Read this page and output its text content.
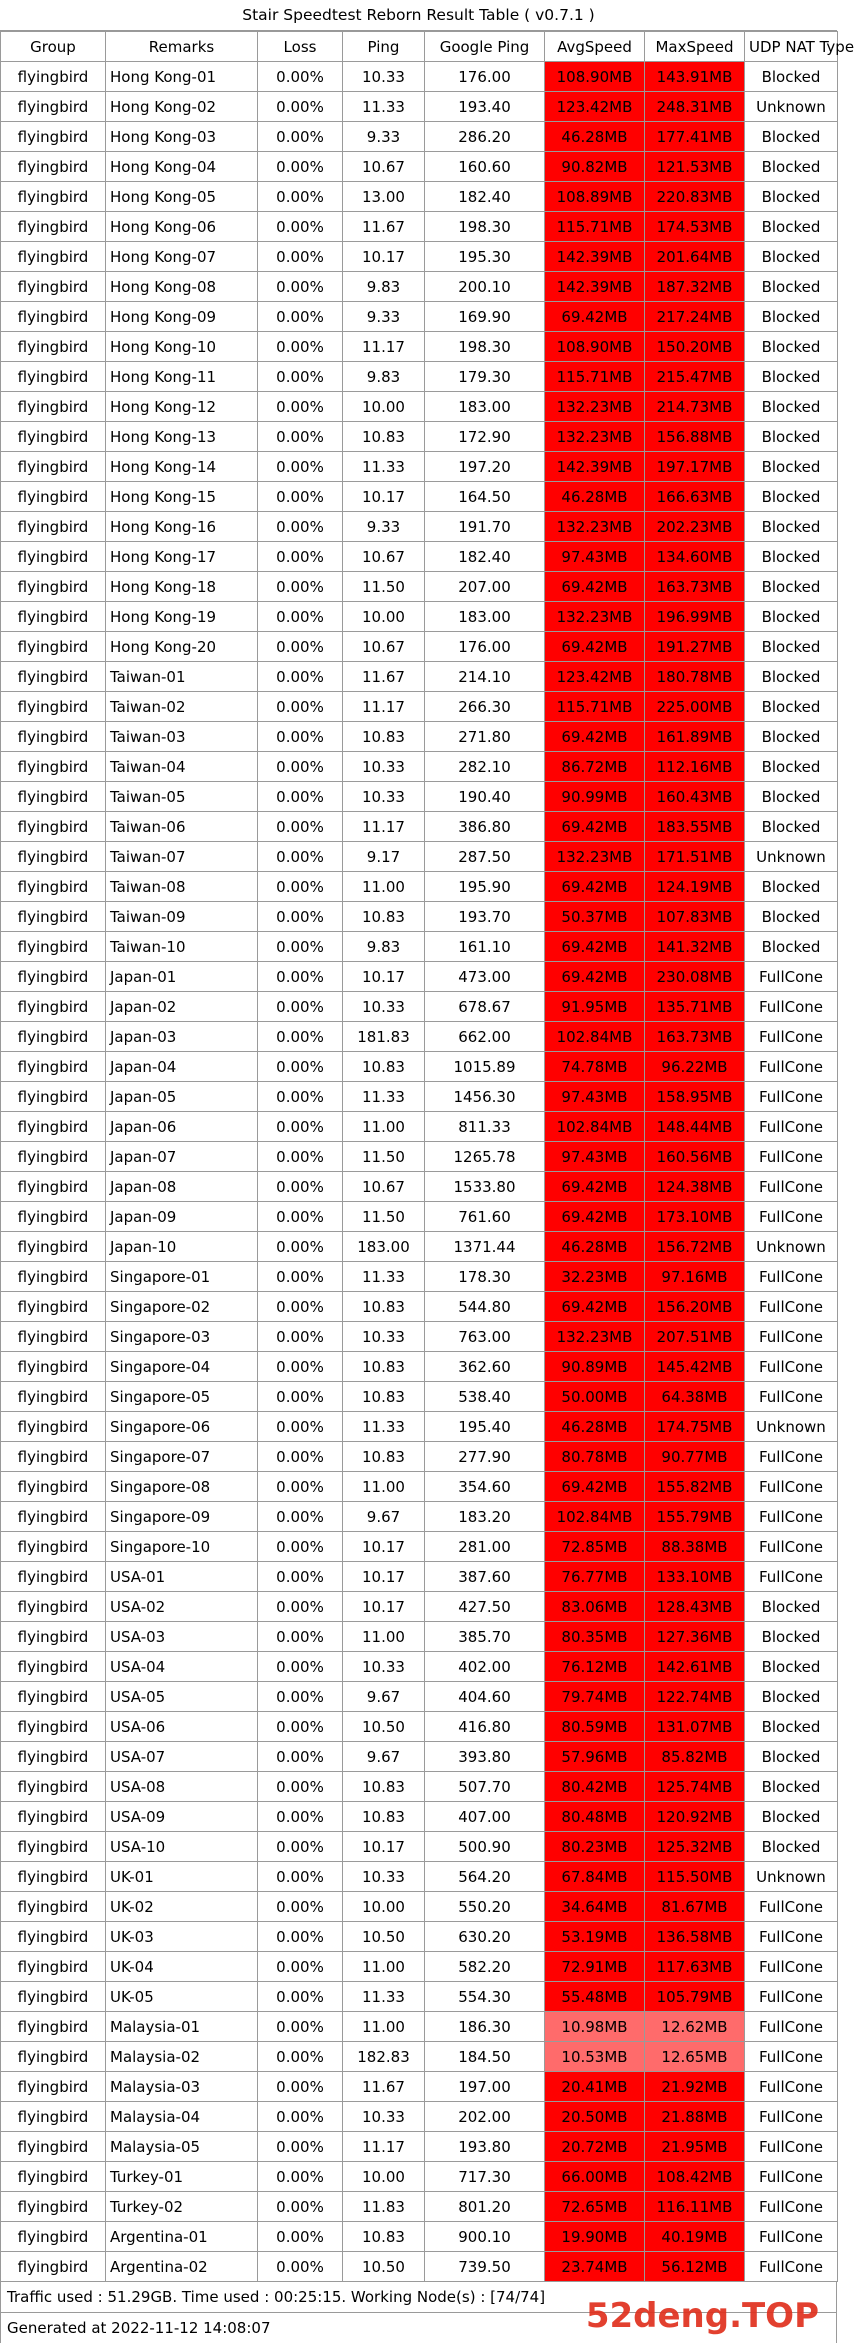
Stair Speedtest Reborn Result Table ( v0.7.1 )
Group	Remarks	Loss	Ping	Google Ping	AvgSpeed	MaxSpeed	UDP NAT Type
flyingbird	Hong Kong-01	0.00%	10.33	176.00	108.90MB	143.91MB	Blocked
flyingbird	Hong Kong-02	0.00%	11.33	193.40	123.42MB	248.31MB	Unknown
flyingbird	Hong Kong-03	0.00%	9.33	286.20	46.28MB	177.41MB	Blocked
flyingbird	Hong Kong-04	0.00%	10.67	160.60	90.82MB	121.53MB	Blocked
flyingbird	Hong Kong-05	0.00%	13.00	182.40	108.89MB	220.83MB	Blocked
flyingbird	Hong Kong-06	0.00%	11.67	198.30	115.71MB	174.53MB	Blocked
flyingbird	Hong Kong-07	0.00%	10.17	195.30	142.39MB	201.64MB	Blocked
flyingbird	Hong Kong-08	0.00%	9.83	200.10	142.39MB	187.32MB	Blocked
flyingbird	Hong Kong-09	0.00%	9.33	169.90	69.42MB	217.24MB	Blocked
flyingbird	Hong Kong-10	0.00%	11.17	198.30	108.90MB	150.20MB	Blocked
flyingbird	Hong Kong-11	0.00%	9.83	179.30	115.71MB	215.47MB	Blocked
flyingbird	Hong Kong-12	0.00%	10.00	183.00	132.23MB	214.73MB	Blocked
flyingbird	Hong Kong-13	0.00%	10.83	172.90	132.23MB	156.88MB	Blocked
flyingbird	Hong Kong-14	0.00%	11.33	197.20	142.39MB	197.17MB	Blocked
flyingbird	Hong Kong-15	0.00%	10.17	164.50	46.28MB	166.63MB	Blocked
flyingbird	Hong Kong-16	0.00%	9.33	191.70	132.23MB	202.23MB	Blocked
flyingbird	Hong Kong-17	0.00%	10.67	182.40	97.43MB	134.60MB	Blocked
flyingbird	Hong Kong-18	0.00%	11.50	207.00	69.42MB	163.73MB	Blocked
flyingbird	Hong Kong-19	0.00%	10.00	183.00	132.23MB	196.99MB	Blocked
flyingbird	Hong Kong-20	0.00%	10.67	176.00	69.42MB	191.27MB	Blocked
flyingbird	Taiwan-01	0.00%	11.67	214.10	123.42MB	180.78MB	Blocked
flyingbird	Taiwan-02	0.00%	11.17	266.30	115.71MB	225.00MB	Blocked
flyingbird	Taiwan-03	0.00%	10.83	271.80	69.42MB	161.89MB	Blocked
flyingbird	Taiwan-04	0.00%	10.33	282.10	86.72MB	112.16MB	Blocked
flyingbird	Taiwan-05	0.00%	10.33	190.40	90.99MB	160.43MB	Blocked
flyingbird	Taiwan-06	0.00%	11.17	386.80	69.42MB	183.55MB	Blocked
flyingbird	Taiwan-07	0.00%	9.17	287.50	132.23MB	171.51MB	Unknown
flyingbird	Taiwan-08	0.00%	11.00	195.90	69.42MB	124.19MB	Blocked
flyingbird	Taiwan-09	0.00%	10.83	193.70	50.37MB	107.83MB	Blocked
flyingbird	Taiwan-10	0.00%	9.83	161.10	69.42MB	141.32MB	Blocked
flyingbird	Japan-01	0.00%	10.17	473.00	69.42MB	230.08MB	FullCone
flyingbird	Japan-02	0.00%	10.33	678.67	91.95MB	135.71MB	FullCone
flyingbird	Japan-03	0.00%	181.83	662.00	102.84MB	163.73MB	FullCone
flyingbird	Japan-04	0.00%	10.83	1015.89	74.78MB	96.22MB	FullCone
flyingbird	Japan-05	0.00%	11.33	1456.30	97.43MB	158.95MB	FullCone
flyingbird	Japan-06	0.00%	11.00	811.33	102.84MB	148.44MB	FullCone
flyingbird	Japan-07	0.00%	11.50	1265.78	97.43MB	160.56MB	FullCone
flyingbird	Japan-08	0.00%	10.67	1533.80	69.42MB	124.38MB	FullCone
flyingbird	Japan-09	0.00%	11.50	761.60	69.42MB	173.10MB	FullCone
flyingbird	Japan-10	0.00%	183.00	1371.44	46.28MB	156.72MB	Unknown
flyingbird	Singapore-01	0.00%	11.33	178.30	32.23MB	97.16MB	FullCone
flyingbird	Singapore-02	0.00%	10.83	544.80	69.42MB	156.20MB	FullCone
flyingbird	Singapore-03	0.00%	10.33	763.00	132.23MB	207.51MB	FullCone
flyingbird	Singapore-04	0.00%	10.83	362.60	90.89MB	145.42MB	FullCone
flyingbird	Singapore-05	0.00%	10.83	538.40	50.00MB	64.38MB	FullCone
flyingbird	Singapore-06	0.00%	11.33	195.40	46.28MB	174.75MB	Unknown
flyingbird	Singapore-07	0.00%	10.83	277.90	80.78MB	90.77MB	FullCone
flyingbird	Singapore-08	0.00%	11.00	354.60	69.42MB	155.82MB	FullCone
flyingbird	Singapore-09	0.00%	9.67	183.20	102.84MB	155.79MB	FullCone
flyingbird	Singapore-10	0.00%	10.17	281.00	72.85MB	88.38MB	FullCone
flyingbird	USA-01	0.00%	10.17	387.60	76.77MB	133.10MB	FullCone
flyingbird	USA-02	0.00%	10.17	427.50	83.06MB	128.43MB	Blocked
flyingbird	USA-03	0.00%	11.00	385.70	80.35MB	127.36MB	Blocked
flyingbird	USA-04	0.00%	10.33	402.00	76.12MB	142.61MB	Blocked
flyingbird	USA-05	0.00%	9.67	404.60	79.74MB	122.74MB	Blocked
flyingbird	USA-06	0.00%	10.50	416.80	80.59MB	131.07MB	Blocked
flyingbird	USA-07	0.00%	9.67	393.80	57.96MB	85.82MB	Blocked
flyingbird	USA-08	0.00%	10.83	507.70	80.42MB	125.74MB	Blocked
flyingbird	USA-09	0.00%	10.83	407.00	80.48MB	120.92MB	Blocked
flyingbird	USA-10	0.00%	10.17	500.90	80.23MB	125.32MB	Blocked
flyingbird	UK-01	0.00%	10.33	564.20	67.84MB	115.50MB	Unknown
flyingbird	UK-02	0.00%	10.00	550.20	34.64MB	81.67MB	FullCone
flyingbird	UK-03	0.00%	10.50	630.20	53.19MB	136.58MB	FullCone
flyingbird	UK-04	0.00%	11.00	582.20	72.91MB	117.63MB	FullCone
flyingbird	UK-05	0.00%	11.33	554.30	55.48MB	105.79MB	FullCone
flyingbird	Malaysia-01	0.00%	11.00	186.30	10.98MB	12.62MB	FullCone
flyingbird	Malaysia-02	0.00%	182.83	184.50	10.53MB	12.65MB	FullCone
flyingbird	Malaysia-03	0.00%	11.67	197.00	20.41MB	21.92MB	FullCone
flyingbird	Malaysia-04	0.00%	10.33	202.00	20.50MB	21.88MB	FullCone
flyingbird	Malaysia-05	0.00%	11.17	193.80	20.72MB	21.95MB	FullCone
flyingbird	Turkey-01	0.00%	10.00	717.30	66.00MB	108.42MB	FullCone
flyingbird	Turkey-02	0.00%	11.83	801.20	72.65MB	116.11MB	FullCone
flyingbird	Argentina-01	0.00%	10.83	900.10	19.90MB	40.19MB	FullCone
flyingbird	Argentina-02	0.00%	10.50	739.50	23.74MB	56.12MB	FullCone
Traffic used : 51.29GB. Time used : 00:25:15. Working Node(s) : [74/74]
Generated at 2022-11-12 14:08:07	52deng.TOP
